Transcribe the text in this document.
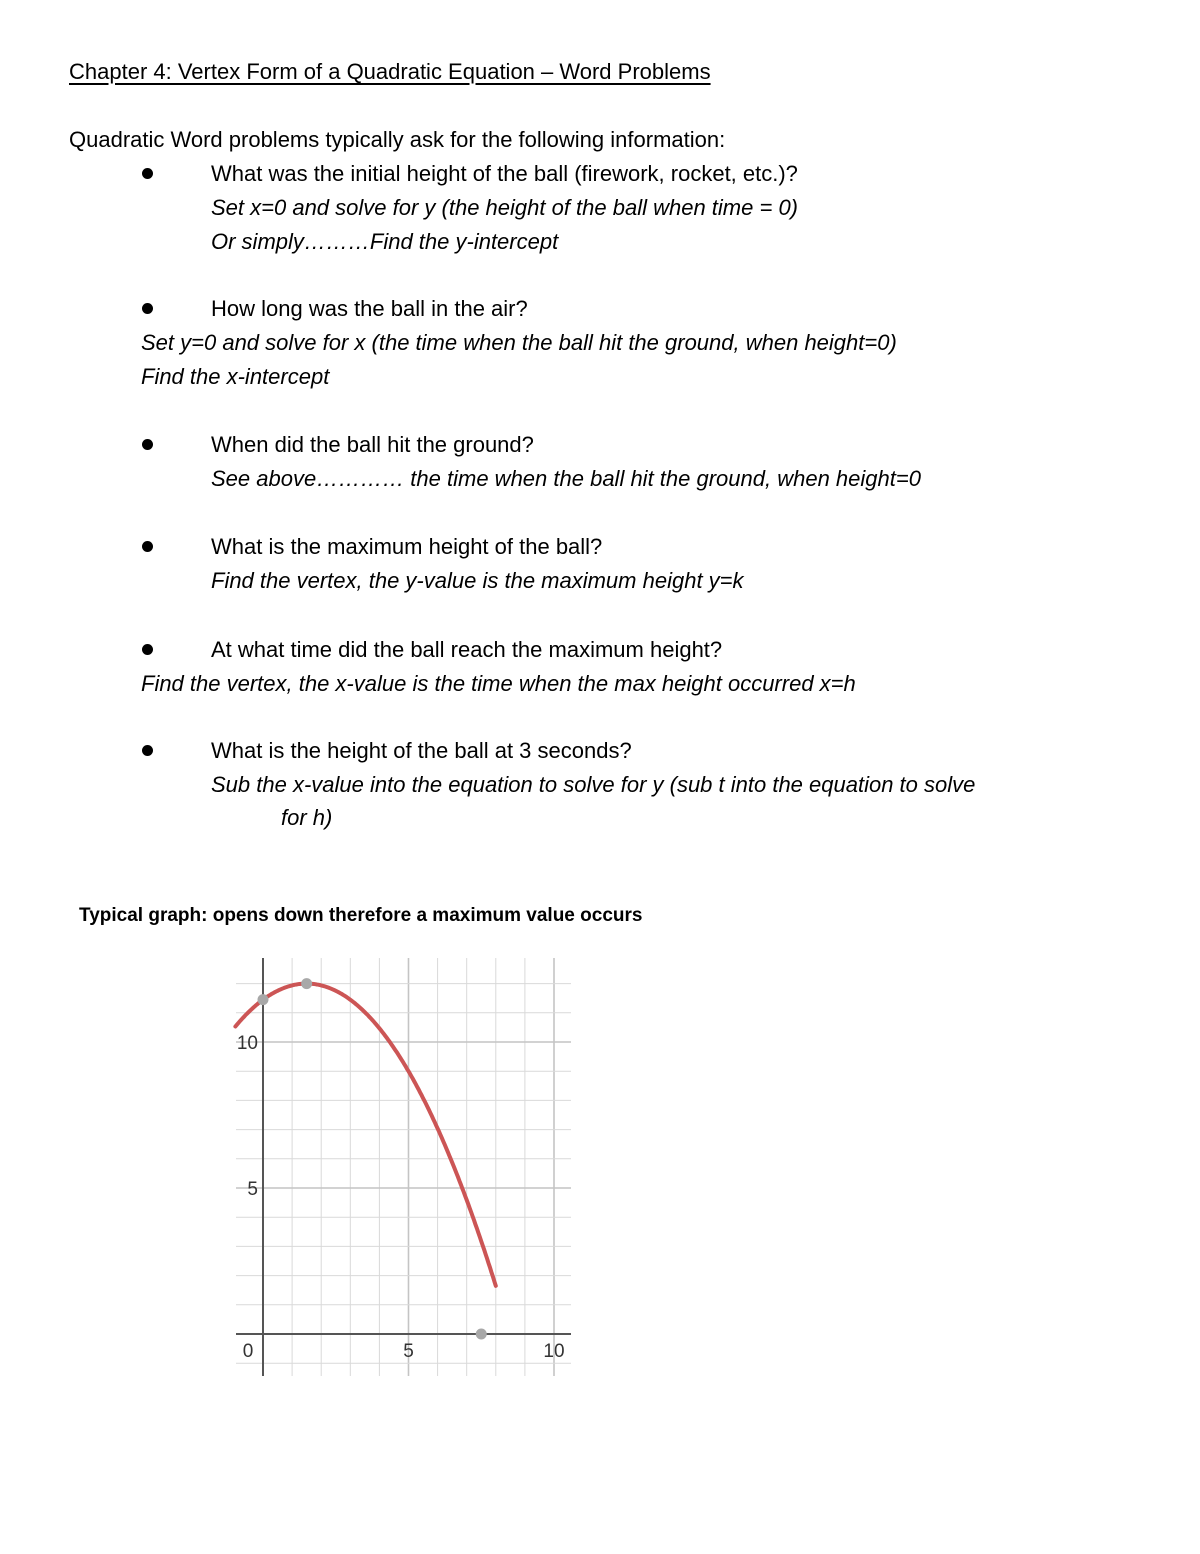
Chapter 4: Vertex Form of a Quadratic Equation – Word Problems
Quadratic Word problems typically ask for the following information:
What was the initial height of the ball (firework, rocket, etc.)?
Set x=0 and solve for y (the height of the ball when time = 0)
Or simply………Find the y-intercept
How long was the ball in the air?
Set y=0 and solve for x (the time when the ball hit the ground, when height=0)
Find the x-intercept
When did the ball hit the ground?
See above………… the time when the ball hit the ground, when height=0
What is the maximum height of the ball?
Find the vertex, the y-value is the maximum height y=k
At what time did the ball reach the maximum height?
Find the vertex, the x-value is the time when the max height occurred x=h
What is the height of the ball at 3 seconds?
Sub the x-value into the equation to solve for y (sub t into the equation to solve
for h)
Typical graph: opens down therefore a maximum value occurs
0	5	10
5
10
